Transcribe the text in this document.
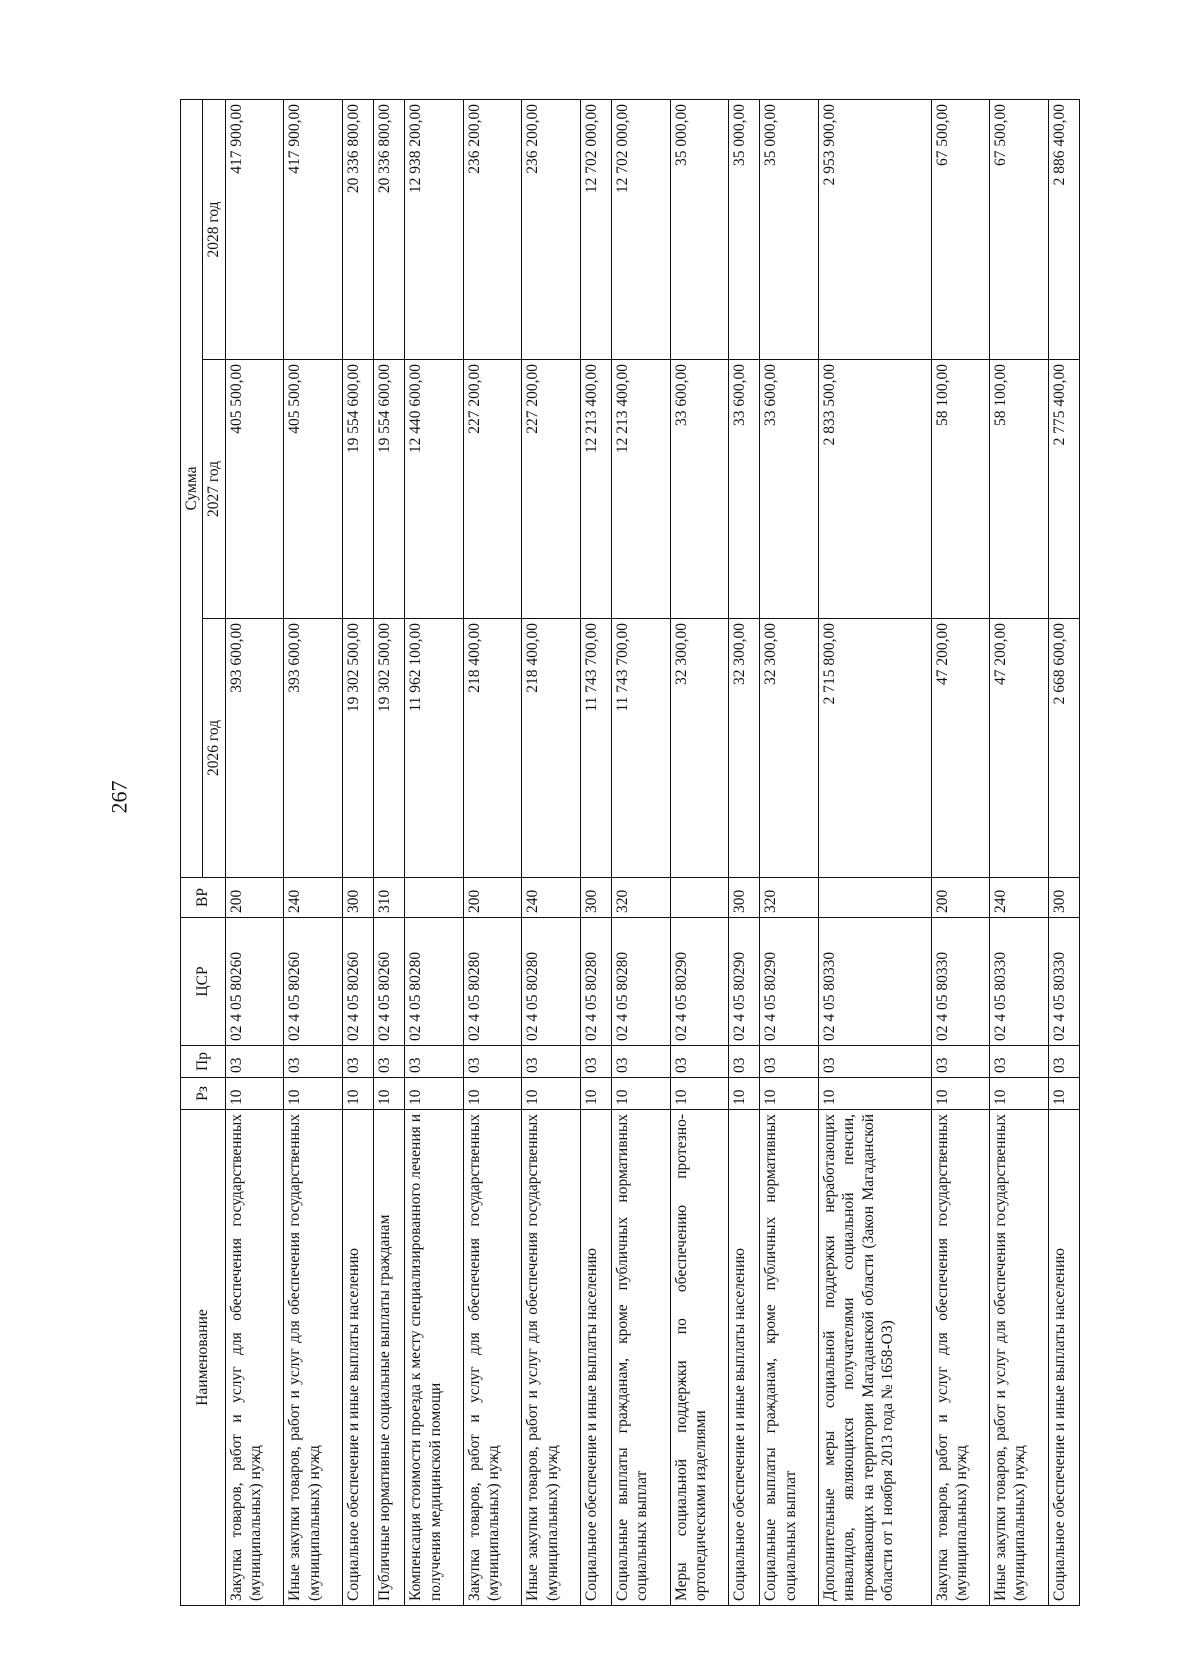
267
Наименование	Рз	Пр	ЦСР	ВР	Сумма		
					2026 год	2027 год	2028 год
Закупка товаров, работ и услуг для обеспечения государственных (муниципальных) нужд	10	03	02 4 05 80260	200	393 600,00	405 500,00	417 900,00
Иные закупки товаров, работ и услуг для обеспечения государственных (муниципальных) нужд	10	03	02 4 05 80260	240	393 600,00	405 500,00	417 900,00
Социальное обеспечение и иные выплаты населению	10	03	02 4 05 80260	300	19 302 500,00	19 554 600,00	20 336 800,00
Публичные нормативные социальные выплаты гражданам	10	03	02 4 05 80260	310	19 302 500,00	19 554 600,00	20 336 800,00
Компенсация стоимости проезда к месту специализированного лечения и получения медицинской помощи	10	03	02 4 05 80280		11 962 100,00	12 440 600,00	12 938 200,00
Закупка товаров, работ и услуг для обеспечения государственных (муниципальных) нужд	10	03	02 4 05 80280	200	218 400,00	227 200,00	236 200,00
Иные закупки товаров, работ и услуг для обеспечения государственных (муниципальных) нужд	10	03	02 4 05 80280	240	218 400,00	227 200,00	236 200,00
Социальное обеспечение и иные выплаты населению	10	03	02 4 05 80280	300	11 743 700,00	12 213 400,00	12 702 000,00
Социальные выплаты гражданам, кроме публичных нормативных социальных выплат	10	03	02 4 05 80280	320	11 743 700,00	12 213 400,00	12 702 000,00
Меры социальной поддержки по обеспечению протезно-ортопедическими изделиями	10	03	02 4 05 80290		32 300,00	33 600,00	35 000,00
Социальное обеспечение и иные выплаты населению	10	03	02 4 05 80290	300	32 300,00	33 600,00	35 000,00
Социальные выплаты гражданам, кроме публичных нормативных социальных выплат	10	03	02 4 05 80290	320	32 300,00	33 600,00	35 000,00
Дополнительные меры социальной поддержки неработающих инвалидов, являющихся получателями социальной пенсии, проживающих на территории Магаданской области (Закон Магаданской области от 1 ноября 2013 года № 1658-ОЗ)	10	03	02 4 05 80330		2 715 800,00	2 833 500,00	2 953 900,00
Закупка товаров, работ и услуг для обеспечения государственных (муниципальных) нужд	10	03	02 4 05 80330	200	47 200,00	58 100,00	67 500,00
Иные закупки товаров, работ и услуг для обеспечения государственных (муниципальных) нужд	10	03	02 4 05 80330	240	47 200,00	58 100,00	67 500,00
Социальное обеспечение и иные выплаты населению	10	03	02 4 05 80330	300	2 668 600,00	2 775 400,00	2 886 400,00
